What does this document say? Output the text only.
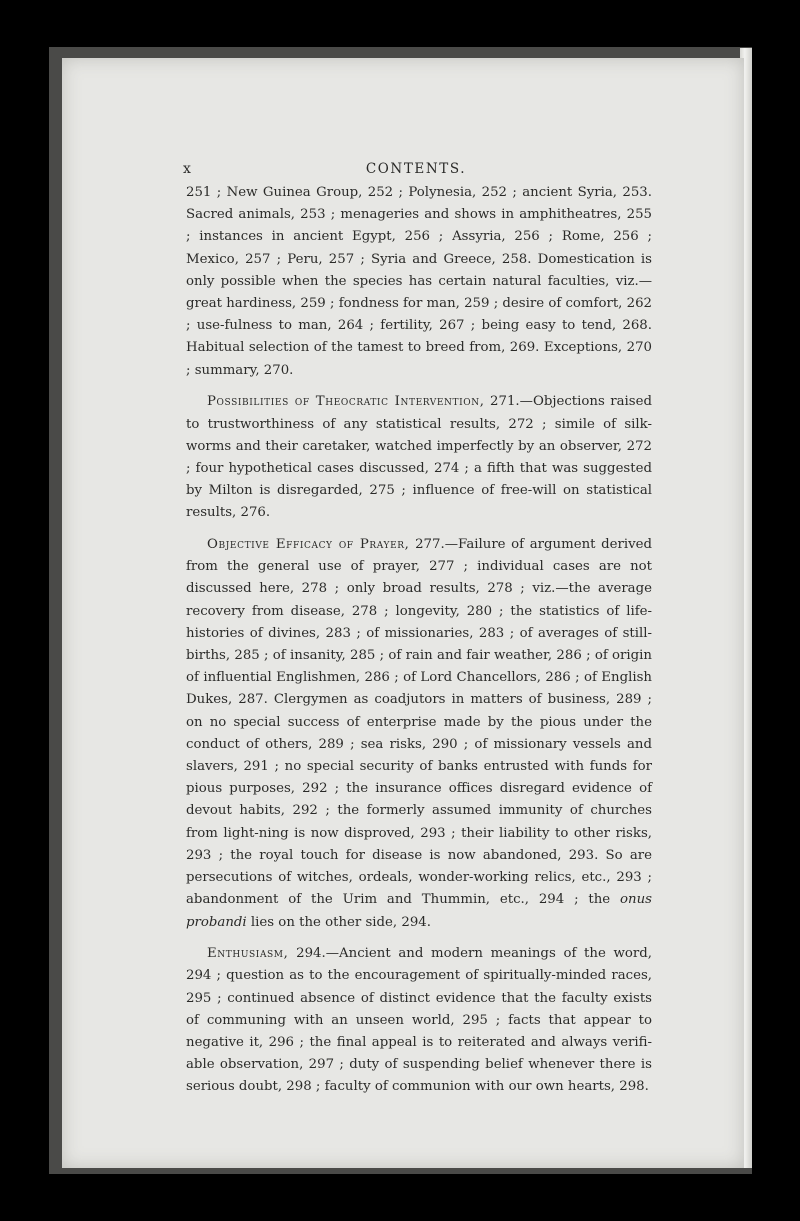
x	CONTENTS.

251 ; New Guinea Group, 252 ; Polynesia, 252 ; ancient Syria, 253. Sacred animals, 253 ; menageries and shows in amphitheatres, 255 ; instances in ancient Egypt, 256 ; Assyria, 256 ; Rome, 256 ; Mexico, 257 ; Peru, 257 ; Syria and Greece, 258. Domestication is only possible when the species has certain natural faculties, viz.—great hardiness, 259 ; fondness for man, 259 ; desire of comfort, 262 ; use-fulness to man, 264 ; fertility, 267 ; being easy to tend, 268. Habitual selection of the tamest to breed from, 269. Exceptions, 270 ; summary, 270.

Possibilities of Theocratic Intervention, 271.—Objections raised to trustworthiness of any statistical results, 272 ; simile of silk-worms and their caretaker, watched imperfectly by an observer, 272 ; four hypothetical cases discussed, 274 ; a fifth that was suggested by Milton is disregarded, 275 ; influence of free-will on statistical results, 276.

Objective Efficacy of Prayer, 277.—Failure of argument derived from the general use of prayer, 277 ; individual cases are not discussed here, 278 ; only broad results, 278 ; viz.—the average recovery from disease, 278 ; longevity, 280 ; the statistics of life-histories of divines, 283 ; of missionaries, 283 ; of averages of still-births, 285 ; of insanity, 285 ; of rain and fair weather, 286 ; of origin of influential Englishmen, 286 ; of Lord Chancellors, 286 ; of English Dukes, 287. Clergymen as coadjutors in matters of business, 289 ; on no special success of enterprise made by the pious under the conduct of others, 289 ; sea risks, 290 ; of missionary vessels and slavers, 291 ; no special security of banks entrusted with funds for pious purposes, 292 ; the insurance offices disregard evidence of devout habits, 292 ; the formerly assumed immunity of churches from light-ning is now disproved, 293 ; their liability to other risks, 293 ; the royal touch for disease is now abandoned, 293. So are persecutions of witches, ordeals, wonder-working relics, etc., 293 ; abandonment of the Urim and Thummin, etc., 294 ; the onus probandi lies on the other side, 294.

Enthusiasm, 294.—Ancient and modern meanings of the word, 294 ; question as to the encouragement of spiritually-minded races, 295 ; continued absence of distinct evidence that the faculty exists of communing with an unseen world, 295 ; facts that appear to negative it, 296 ; the final appeal is to reiterated and always verifi-able observation, 297 ; duty of suspending belief whenever there is serious doubt, 298 ; faculty of communion with our own hearts, 298.
